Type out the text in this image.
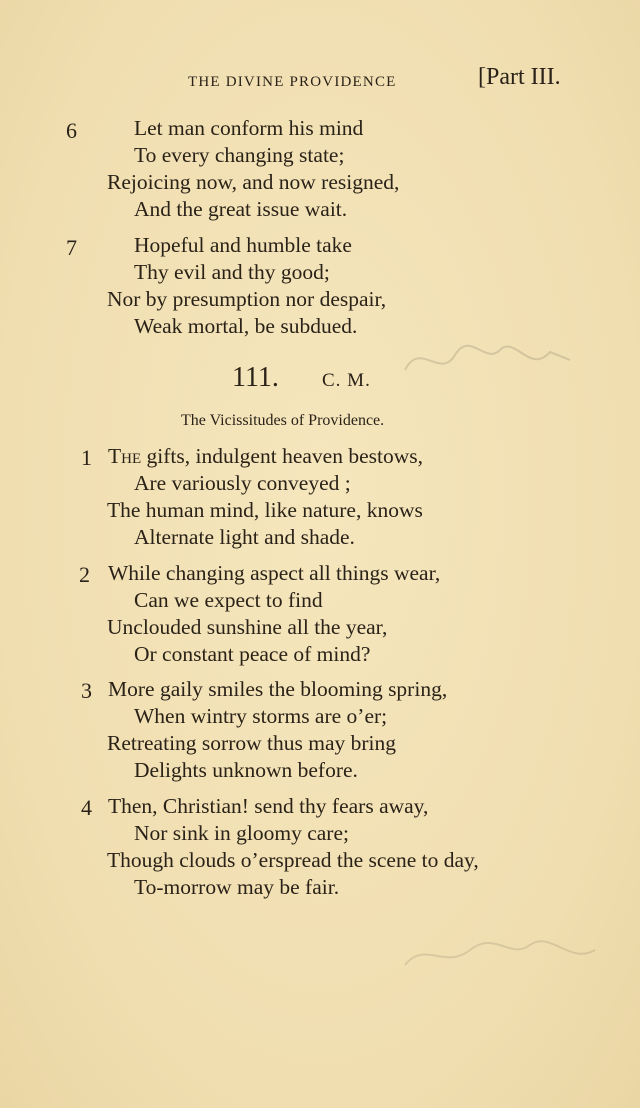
THE DIVINE PROVIDENCE	[Part III.
6	Let man conform his mind
To every changing state;
Rejoicing now, and now resigned,
And the great issue wait.
7	Hopeful and humble take
Thy evil and thy good;
Nor by presumption nor despair,
Weak mortal, be subdued.
111. C. M.
The Vicissitudes of Providence.
1 The gifts, indulgent heaven bestows,
Are variously conveyed ;
The human mind, like nature, knows
Alternate light and shade.
2 While changing aspect all things wear,
Can we expect to find
Unclouded sunshine all the year,
Or constant peace of mind?
3 More gaily smiles the blooming spring,
When wintry storms are o’er;
Retreating sorrow thus may bring
Delights unknown before.
4 Then, Christian! send thy fears away,
Nor sink in gloomy care;
Though clouds o’erspread the scene to day,
To-morrow may be fair.
